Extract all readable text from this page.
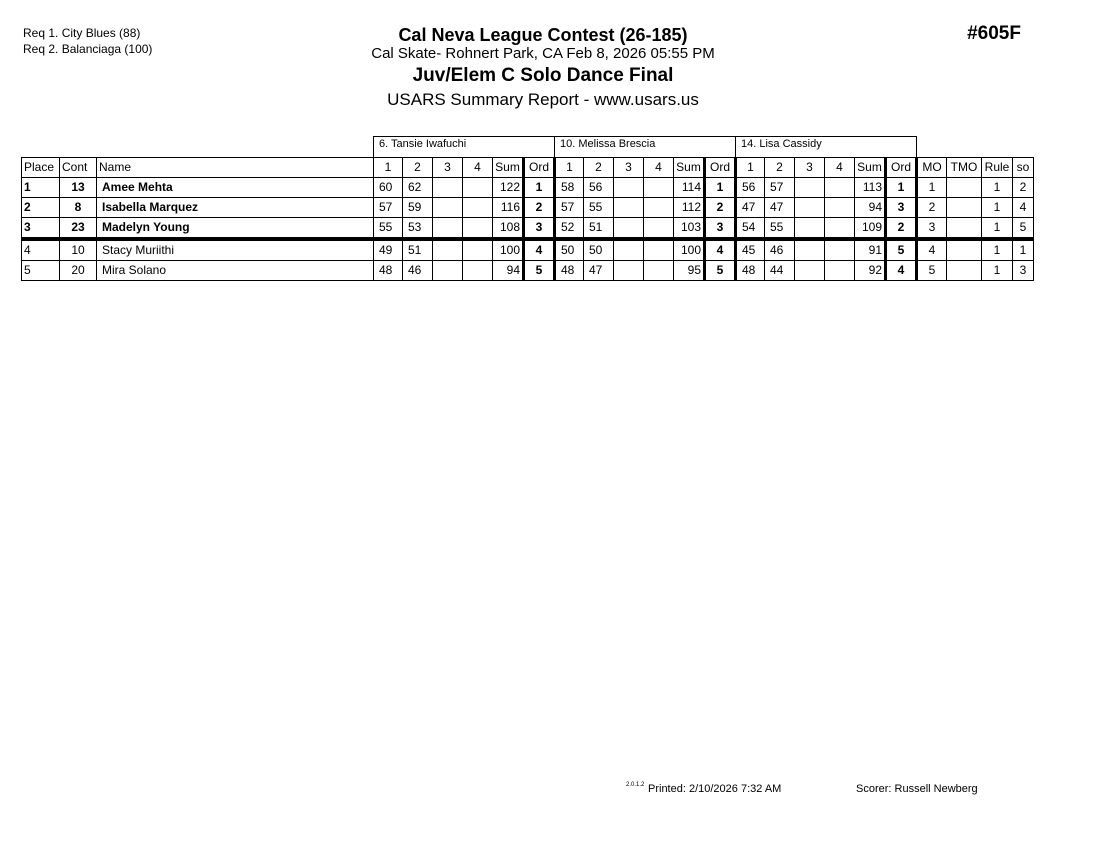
Req 1. City Blues (88)
Req 2. Balanciaga (100)
Cal Neva League Contest (26-185)
Cal Skate- Rohnert Park, CA Feb 8, 2026 05:55 PM
Juv/Elem C Solo Dance Final
USARS Summary Report - www.usars.us
#605F
			6. Tansie Iwafuchi						10. Melissa Brescia						14. Lisa Cassidy									
Place	Cont	Name	1	2	3	4	Sum	Ord	1	2	3	4	Sum	Ord	1	2	3	4	Sum	Ord	MO	TMO	Rule	so
1	13	Amee Mehta	60	62			122	1	58	56			114	1	56	57			113	1	1		1	2
2	8	Isabella Marquez	57	59			116	2	57	55			112	2	47	47			94	3	2		1	4
3	23	Madelyn Young	55	53			108	3	52	51			103	3	54	55			109	2	3		1	5
4	10	Stacy Muriithi	49	51			100	4	50	50			100	4	45	46			91	5	4		1	1
5	20	Mira Solano	48	46			94	5	48	47			95	5	48	44			92	4	5		1	3
2.0.1.2 Printed: 2/10/2026 7:32 AM	Scorer: Russell Newberg
